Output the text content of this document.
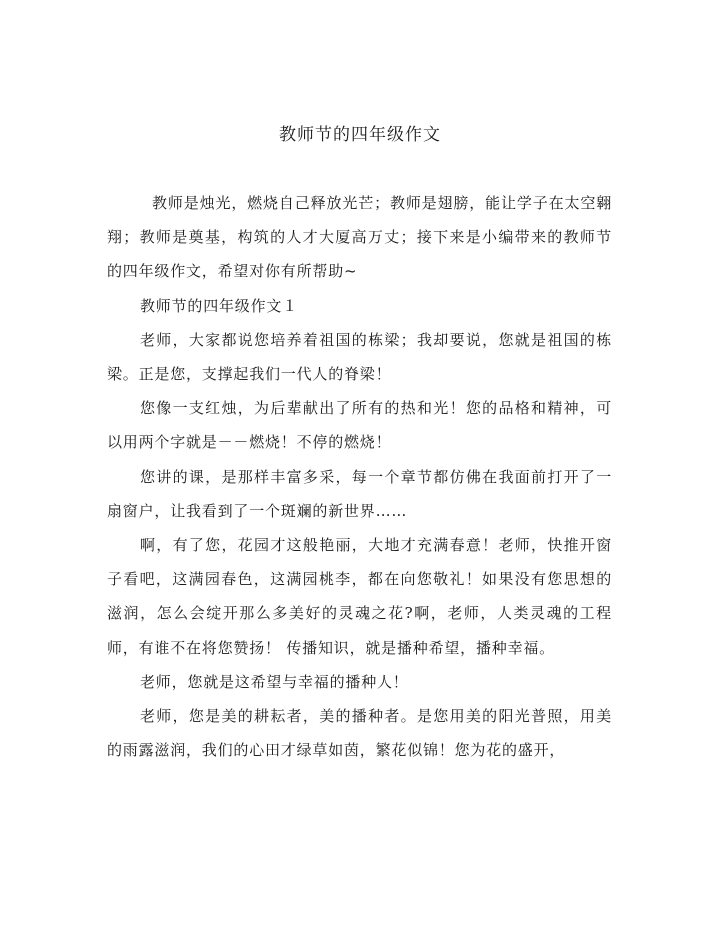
教师节的四年级作文

教师是烛光，燃烧自己释放光芒；教师是翅膀，能让学子在太空翱翔；教师是奠基，构筑的人才大厦高万丈；接下来是小编带来的教师节的四年级作文，希望对你有所帮助~

教师节的四年级作文１

老师，大家都说您培养着祖国的栋梁；我却要说，您就是祖国的栋梁。正是您，支撑起我们一代人的脊梁！

您像一支红烛，为后辈献出了所有的热和光！您的品格和精神，可以用两个字就是－－燃烧！不停的燃烧！

您讲的课，是那样丰富多采，每一个章节都仿佛在我面前打开了一扇窗户，让我看到了一个斑斓的新世界……

啊，有了您，花园才这般艳丽，大地才充满春意！老师，快推开窗子看吧，这满园春色，这满园桃李，都在向您敬礼！如果没有您思想的滋润，怎么会绽开那么多美好的灵魂之花?啊，老师，人类灵魂的工程师，有谁不在将您赞扬！ 传播知识，就是播种希望，播种幸福。

老师，您就是这希望与幸福的播种人！

老师，您是美的耕耘者，美的播种者。是您用美的阳光普照，用美的雨露滋润，我们的心田才绿草如茵，繁花似锦！您为花的盛开，
